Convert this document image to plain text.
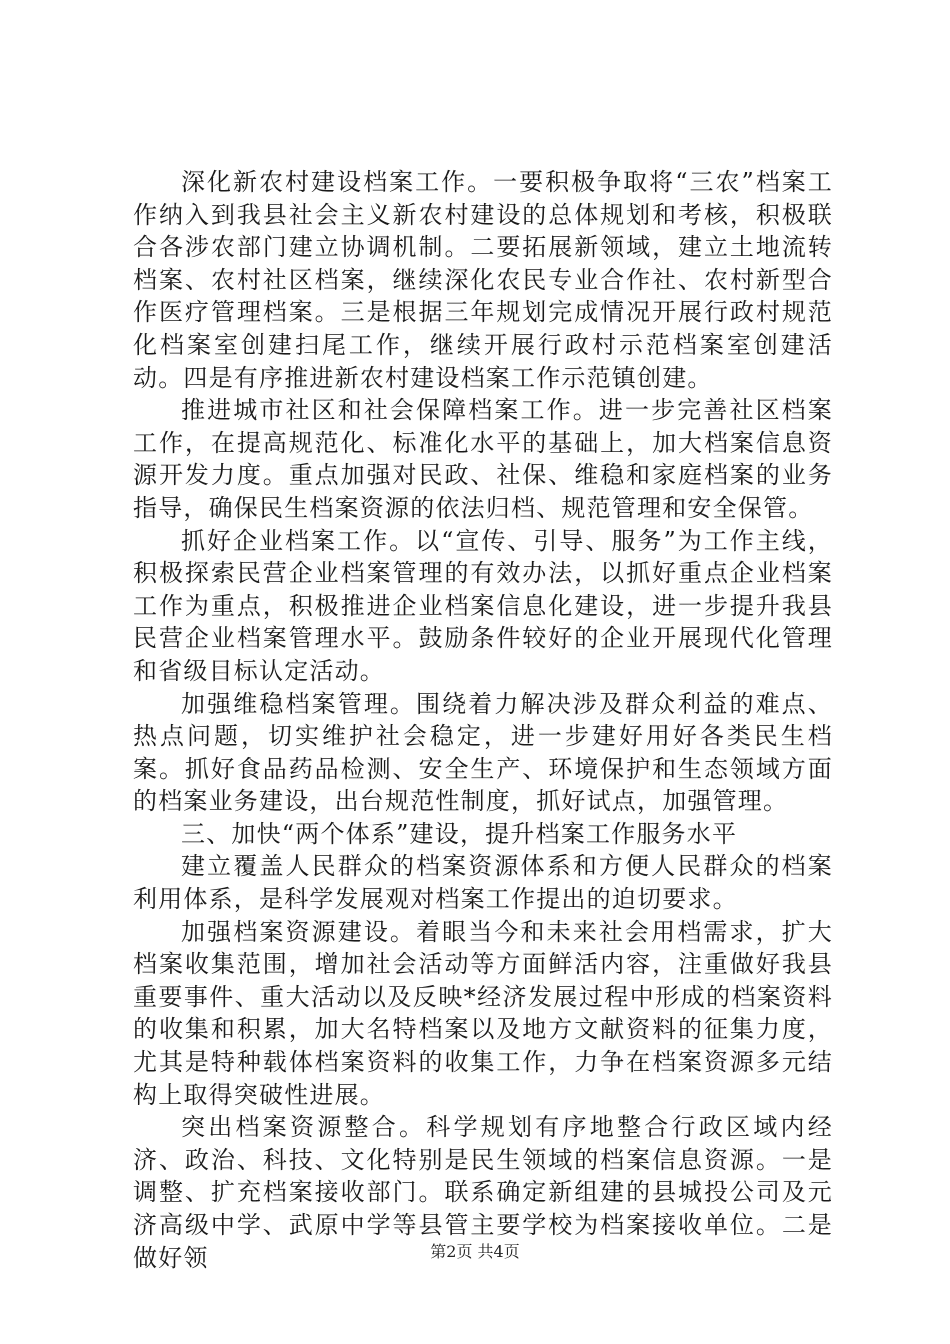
深化新农村建设档案工作。一要积极争取将“三农”档案工作纳入到我县社会主义新农村建设的总体规划和考核，积极联合各涉农部门建立协调机制。二要拓展新领域，建立土地流转档案、农村社区档案，继续深化农民专业合作社、农村新型合作医疗管理档案。三是根据三年规划完成情况开展行政村规范化档案室创建扫尾工作，继续开展行政村示范档案室创建活动。四是有序推进新农村建设档案工作示范镇创建。

推进城市社区和社会保障档案工作。进一步完善社区档案工作，在提高规范化、标准化水平的基础上，加大档案信息资源开发力度。重点加强对民政、社保、维稳和家庭档案的业务指导，确保民生档案资源的依法归档、规范管理和安全保管。

抓好企业档案工作。以“宣传、引导、服务”为工作主线，积极探索民营企业档案管理的有效办法，以抓好重点企业档案工作为重点，积极推进企业档案信息化建设，进一步提升我县民营企业档案管理水平。鼓励条件较好的企业开展现代化管理和省级目标认定活动。

加强维稳档案管理。围绕着力解决涉及群众利益的难点、热点问题，切实维护社会稳定，进一步建好用好各类民生档案。抓好食品药品检测、安全生产、环境保护和生态领域方面的档案业务建设，出台规范性制度，抓好试点，加强管理。

三、加快“两个体系”建设，提升档案工作服务水平

建立覆盖人民群众的档案资源体系和方便人民群众的档案利用体系，是科学发展观对档案工作提出的迫切要求。

加强档案资源建设。着眼当今和未来社会用档需求，扩大档案收集范围，增加社会活动等方面鲜活内容，注重做好我县重要事件、重大活动以及反映*经济发展过程中形成的档案资料的收集和积累，加大名特档案以及地方文献资料的征集力度，尤其是特种载体档案资料的收集工作，力争在档案资源多元结构上取得突破性进展。

突出档案资源整合。科学规划有序地整合行政区域内经济、政治、科技、文化特别是民生领域的档案信息资源。一是调整、扩充档案接收部门。联系确定新组建的县城投公司及元济高级中学、武原中学等县管主要学校为档案接收单位。二是做好领	第2页 共4页
